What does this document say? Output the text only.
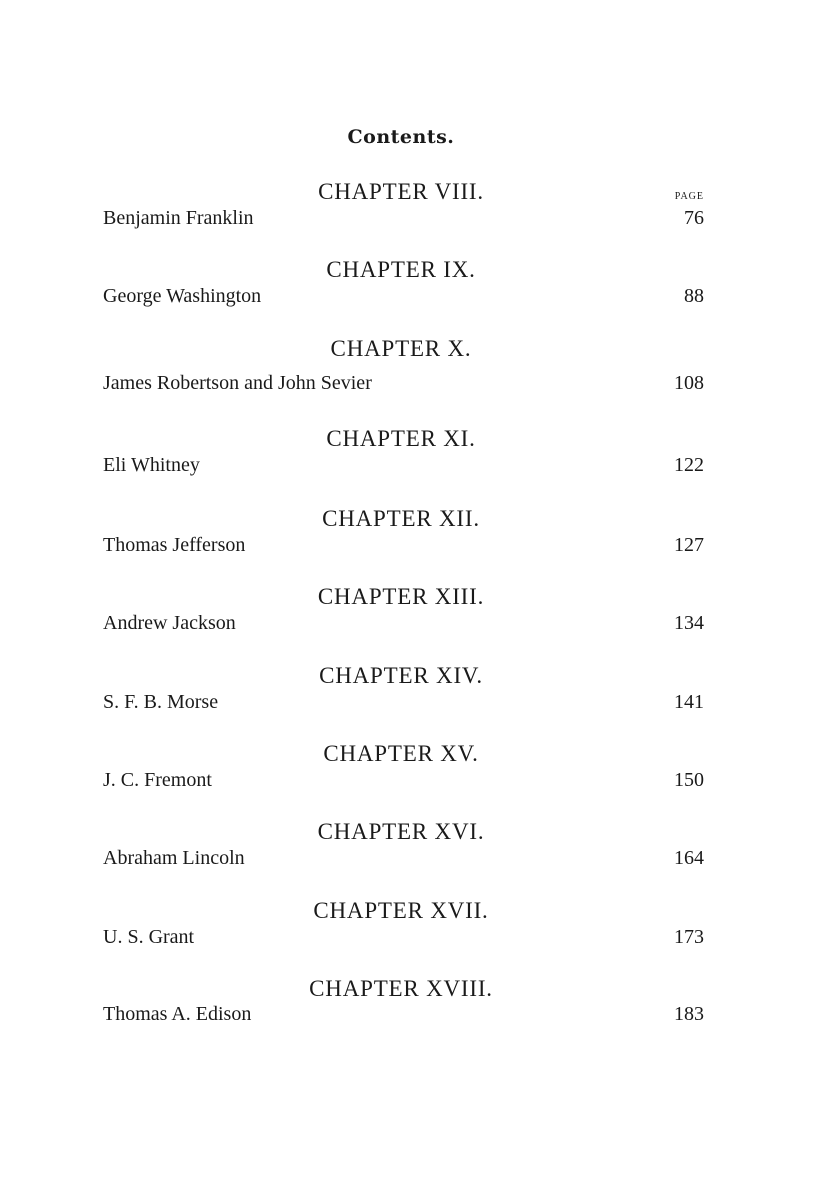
Contents.
PAGE
CHAPTER VIII.
Benjamin Franklin	76
CHAPTER IX.
George Washington	88
CHAPTER X.
James Robertson and John Sevier	108
CHAPTER XI.
Eli Whitney	122
CHAPTER XII.
Thomas Jefferson	127
CHAPTER XIII.
Andrew Jackson	134
CHAPTER XIV.
S. F. B. Morse	141
CHAPTER XV.
J. C. Fremont	150
CHAPTER XVI.
Abraham Lincoln	164
CHAPTER XVII.
U. S. Grant	173
CHAPTER XVIII.
Thomas A. Edison	183
